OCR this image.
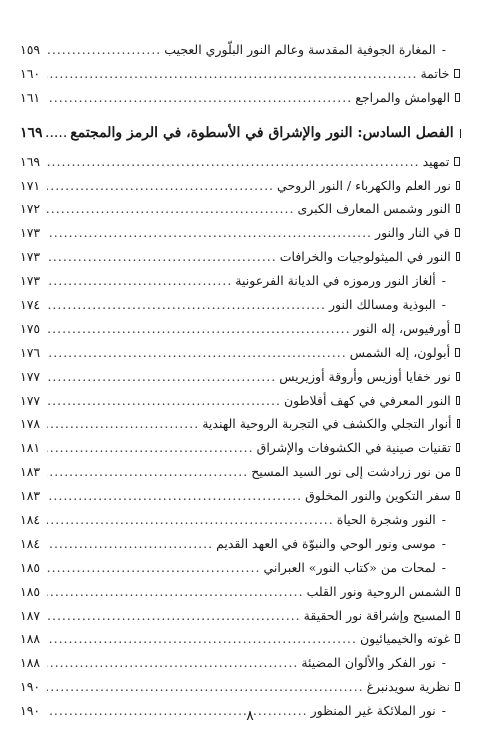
-
المغارة الجوفية المقدسة وعالم النور البلّوري العجيب
.....
١٥٩
خاتمة
.....
١٦٠
الهوامش والمراجع
.....
١٦١
الفصل السادس: النور والإشراق في الأسطوة، في الرمز والمجتمع
.....
١٦٩
تمهيد
.....
١٦٩
نور العلم والكهرباء / النور الروحي
.....
١٧١
النور وشمس المعارف الكبرى
.....
١٧٢
في النار والنور
.....
١٧٣
النور في الميثولوجيات والخرافات
.....
١٧٣
-
ألغاز النور ورموزه في الديانة الفرعونية
.....
١٧٣
-
البوذية ومسالك النور
.....
١٧٤
أورفيوس، إله النور
.....
١٧٥
أبولون، إله الشمس
.....
١٧٦
نور خفايا أوزيس وأروقة أوزيريس
.....
١٧٧
النور المعرفي في كهف أفلاطون
.....
١٧٧
أنوار التجلي والكشف في التجربة الروحية الهندية
.....
١٧٨
تقنيات صينية في الكشوفات والإشراق
.....
١٨١
من نور زرادشت إلى نور السيد المسيح
.....
١٨٣
سفر التكوين والنور المخلوق
.....
١٨٣
-
النور وشجرة الحياة
.....
١٨٤
-
موسى ونور الوحي والنبوّة في العهد القديم
.....
١٨٤
-
لمحات من «كتاب النور» العبراني
.....
١٨٥
الشمس الروحية ونور القلب
.....
١٨٥
المسيح وإشراقة نور الحقيقة
.....
١٨٧
غوته والخيميائيون
.....
١٨٨
-
نور الفكر والألوان المضيئة
.....
١٨٨
نظرية سويدنبرغ
.....
١٩٠
-
نور الملائكة غير المنظور
.....
١٩٠	٨
